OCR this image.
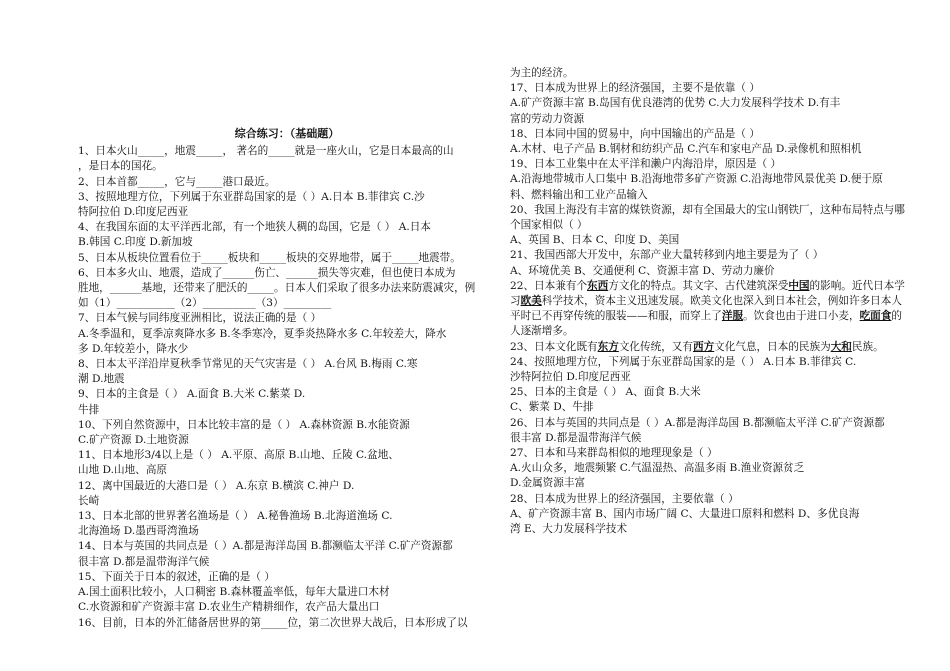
综合练习：（基础题）
1、日本火山_____，地震_____， 著名的_____就是一座火山，它是日本最高的山
，是日本的国花。
2、日本首都_____，它与_____港口最近。
3、按照地理方位，下列属于东亚群岛国家的是（ ）A.日本 B.菲律宾 C.沙
特阿拉伯 D.印度尼西亚
4、在我国东面的太平洋西北部，有一个地狭人稠的岛国，它是（ ） A.日本
B.韩国 C.印度 D.新加坡
5、日本从板块位置看位于_____板块和_____板块的交界地带，属于_____地震带。
6、日本多火山、地震，造成了______伤亡、______损失等灾难，但也使日本成为
胜地，______基地，还带来了肥沃的_____。日本人们采取了很多办法来防震减灾，例
如（1）___________（2）__________（3）_________
7、日本气候与同纬度亚洲相比，说法正确的是（ ）
A.冬季温和，夏季凉爽降水多 B.冬季寒冷，夏季炎热降水多 C.年较差大，降水
多 D.年较差小，降水少
8、日本太平洋沿岸夏秋季节常见的天气灾害是（ ） A.台风 B.梅雨 C.寒
潮 D.地震
9、日本的主食是（ ） A.面食 B.大米 C.紫菜 D.
牛排
10、下列自然资源中，日本比较丰富的是（ ） A.森林资源 B.水能资源
C.矿产资源 D.土地资源
11、日本地形3/4以上是（ ） A.平原、高原 B.山地、丘陵 C.盆地、
山地 D.山地、高原
12、离中国最近的大港口是（ ） A.东京 B.横滨 C.神户 D.
长崎
13、日本北部的世界著名渔场是（ ） A.秘鲁渔场 B.北海道渔场 C.
北海渔场 D.墨西哥湾渔场
14、日本与英国的共同点是（ ）A.都是海洋岛国 B.都濒临太平洋 C.矿产资源都
很丰富 D.都是温带海洋气候
15、下面关于日本的叙述，正确的是（ ）
A.国土面积比较小，人口稠密 B.森林覆盖率低，每年大量进口木材
C.水资源和矿产资源丰富 D.农业生产精耕细作，农产品大量出口
16、目前，日本的外汇储备居世界的第_____位，第二次世界大战后，日本形成了以
为主的经济。
17、日本成为世界上的经济强国，主要不是依靠（ ）
A.矿产资源丰富 B.岛国有优良港湾的优势 C.大力发展科学技术 D.有丰
富的劳动力资源
18、日本同中国的贸易中，向中国输出的产品是（ ）
A.木材、电子产品 B.钢材和纺织产品 C.汽车和家电产品 D.录像机和照相机
19、日本工业集中在太平洋和濑户内海沿岸，原因是（ ）
A.沿海地带城市人口集中 B.沿海地带多矿产资源 C.沿海地带风景优美 D.便于原
料、燃料输出和工业产品输入
20、我国上海没有丰富的煤铁资源，却有全国最大的宝山钢铁厂，这种布局特点与哪
个国家相似（ ）
A、英国 B、日本 C、印度 D、美国
21、我国西部大开发中，东部产业大量转移到内地主要是为了（ ）
A、环境优美 B、交通便利 C、资源丰富 D、劳动力廉价
22、日本兼有个东西方文化的特点。其文字、古代建筑深受中国的影响。近代日本学
习欧美科学技术，资本主义迅速发展。欧美文化也深入到日本社会，例如许多日本人
平时已不再穿传统的服装——和服，而穿上了洋服。饮食也由于进口小麦，吃面食的
人逐渐增多。
23、日本文化既有东方文化传统，又有西方文化气息，日本的民族为大和民族。
24、按照地理方位，下列属于东亚群岛国家的是（ ） A.日本 B.菲律宾 C.
沙特阿拉伯 D.印度尼西亚
25、日本的主食是（ ） A、面食 B.大米
C、紫菜 D、牛排
26、日本与英国的共同点是（ ）A.都是海洋岛国 B.都濒临太平洋 C.矿产资源都
很丰富 D.都是温带海洋气候
27、日本和马来群岛相似的地理现象是（ ）
A.火山众多，地震频繁 C.气温湿热、高温多雨 B.渔业资源贫乏
D.金属资源丰富
28、日本成为世界上的经济强国，主要依靠（ ）
A、矿产资源丰富 B、国内市场广阔 C、大量进口原料和燃料 D、多优良海
湾 E、大力发展科学技术
